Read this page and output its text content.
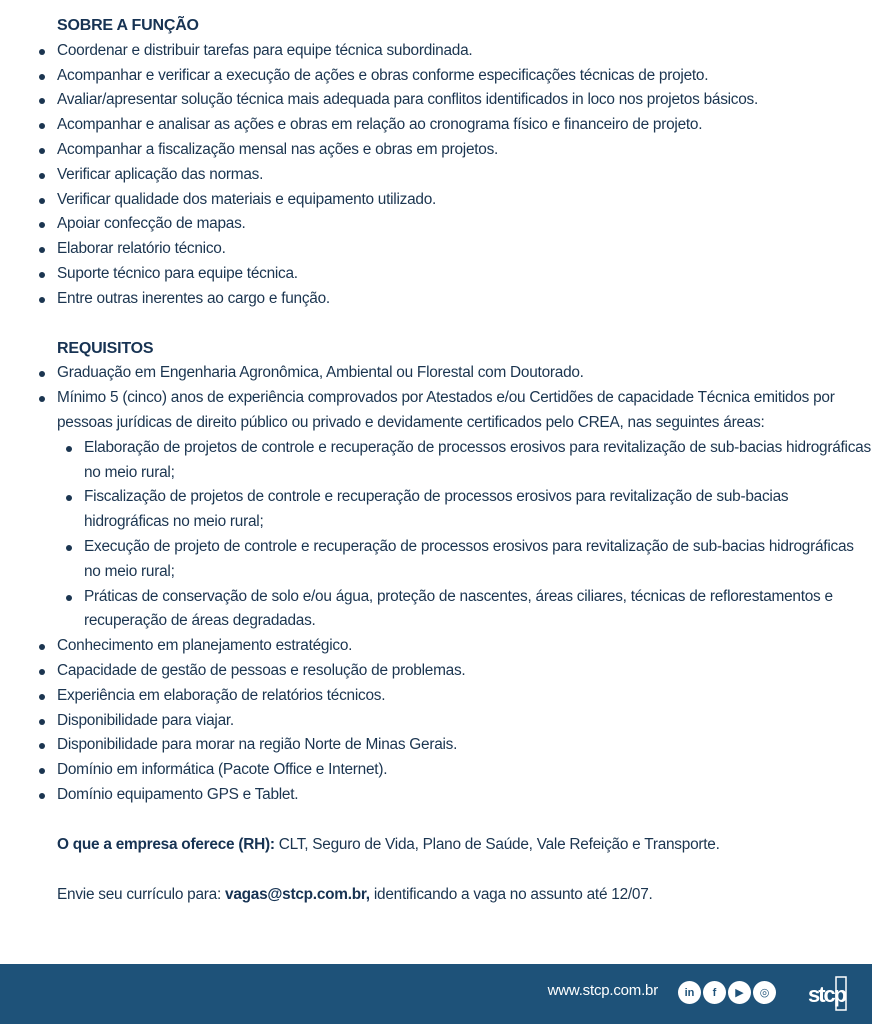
SOBRE A FUNÇÃO
Coordenar e distribuir tarefas para equipe técnica subordinada.
Acompanhar e verificar a execução de ações e obras conforme especificações técnicas de projeto.
Avaliar/apresentar solução técnica mais adequada para conflitos identificados in loco nos projetos básicos.
Acompanhar e analisar as ações e obras em relação ao cronograma físico e financeiro de projeto.
Acompanhar a fiscalização mensal nas ações e obras em projetos.
Verificar aplicação das normas.
Verificar qualidade dos materiais e equipamento utilizado.
Apoiar confecção de mapas.
Elaborar relatório técnico.
Suporte técnico para equipe técnica.
Entre outras inerentes ao cargo e função.
REQUISITOS
Graduação em Engenharia Agronômica, Ambiental ou Florestal com Doutorado.
Mínimo 5 (cinco) anos de experiência comprovados por Atestados e/ou Certidões de capacidade Técnica emitidos por pessoas jurídicas de direito público ou privado e devidamente certificados pelo CREA, nas seguintes áreas:
Elaboração de projetos de controle e recuperação de processos erosivos para revitalização de sub-bacias hidrográficas no meio rural;
Fiscalização de projetos de controle e recuperação de processos erosivos para revitalização de sub-bacias hidrográficas no meio rural;
Execução de projeto de controle e recuperação de processos erosivos para revitalização de sub-bacias hidrográficas no meio rural;
Práticas de conservação de solo e/ou água, proteção de nascentes, áreas ciliares, técnicas de reflorestamentos e recuperação de áreas degradadas.
Conhecimento em planejamento estratégico.
Capacidade de gestão de pessoas e resolução de problemas.
Experiência em elaboração de relatórios técnicos.
Disponibilidade para viajar.
Disponibilidade para morar na região Norte de Minas Gerais.
Domínio em informática (Pacote Office e Internet).
Domínio equipamento GPS e Tablet.

O que a empresa oferece (RH): CLT, Seguro de Vida, Plano de Saúde, Vale Refeição e Transporte.

Envie seu currículo para: vagas@stcp.com.br, identificando a vaga no assunto até 12/07.

www.stcp.com.br	in	f	▶	◎	stcp
